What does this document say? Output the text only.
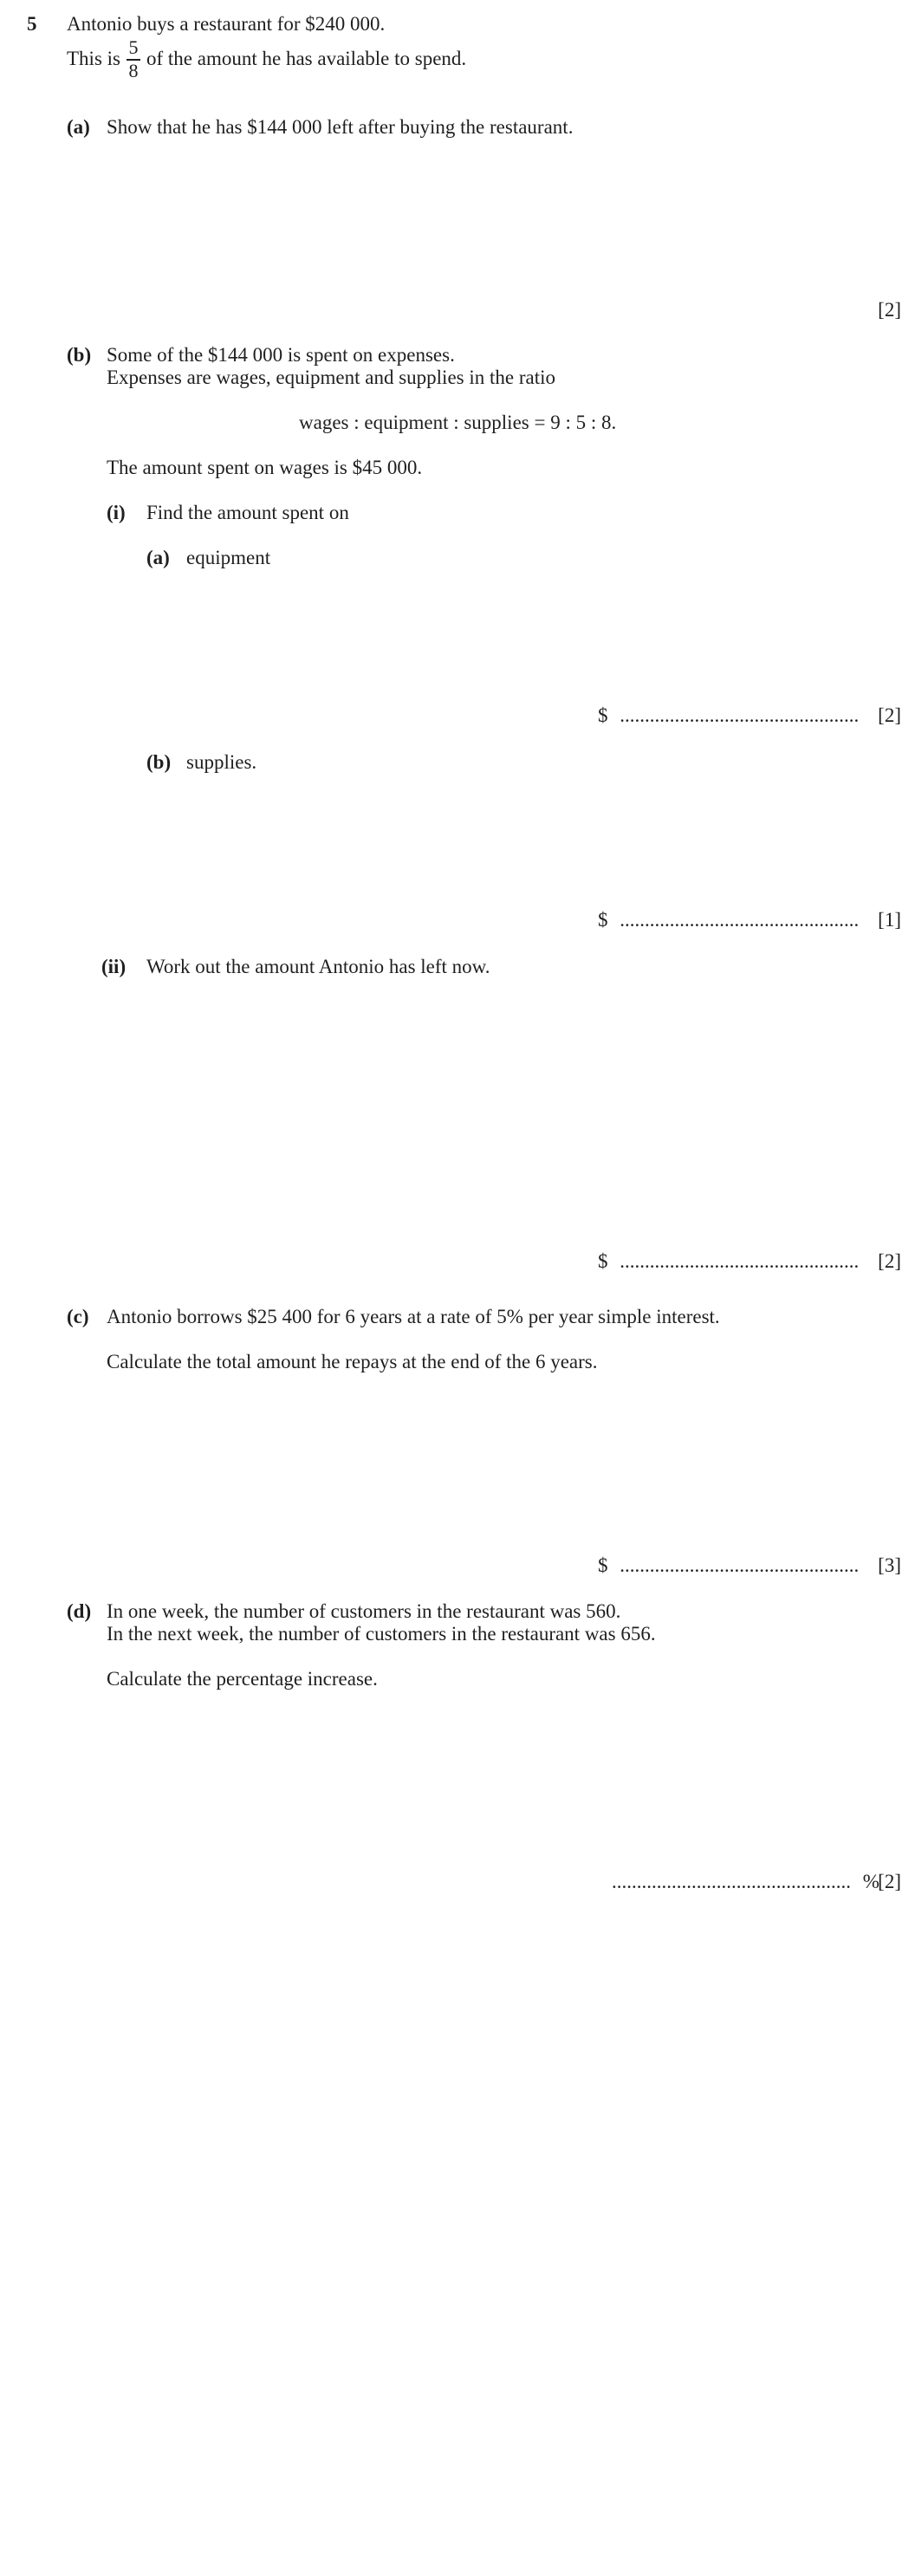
5 Antonio buys a restaurant for $240 000.
This is
5
8
of the amount he has available to spend.
(a) Show that he has $144 000 left after buying the restaurant.
[2]
(b) Some of the $144 000 is spent on expenses.
Expenses are wages, equipment and supplies in the ratio
wages : equipment : supplies = 9 : 5 : 8.
The amount spent on wages is $45 000.
(i) Find the amount spent on
(a) equipment
$ ................................................ [2]
(b) supplies.
$ ................................................ [1]
(ii) Work out the amount Antonio has left now.
$ ................................................ [2]
(c) Antonio borrows $25 400 for 6 years at a rate of 5% per year simple interest.
Calculate the total amount he repays at the end of the 6 years.
$ ................................................ [3]
(d) In one week, the number of customers in the restaurant was 560.
In the next week, the number of customers in the restaurant was 656.
Calculate the percentage increase.
................................................ %
[2]
